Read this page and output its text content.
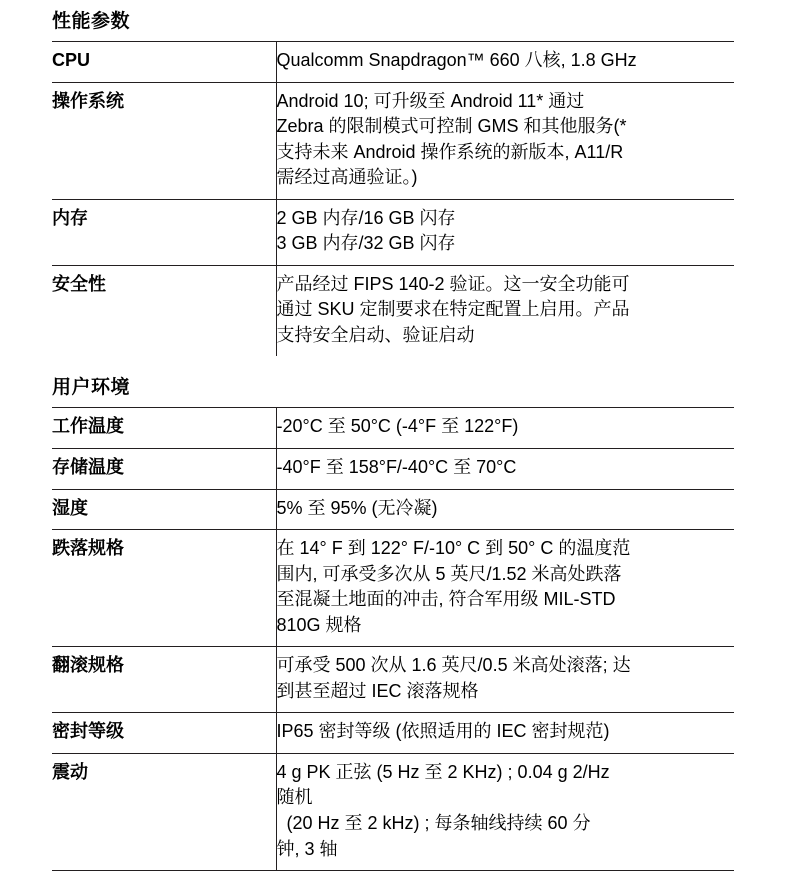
性能参数
CPU	Qualcomm Snapdragon™ 660 八核, 1.8 GHz

操作系统	Android 10; 可升级至 Android 11* 通过
Zebra 的限制模式可控制 GMS 和其他服务(*
支持未来 Android 操作系统的新版本, A11/R
需经过高通验证。)

内存	2 GB 内存/16 GB 闪存
3 GB 内存/32 GB 闪存

安全性	产品经过 FIPS 140-2 验证。这一安全功能可
通过 SKU 定制要求在特定配置上启用。产品
支持安全启动、验证启动
用户环境
工作温度	-20°C 至 50°C (-4°F 至 122°F)

存储温度	-40°F 至 158°F/-40°C 至 70°C

湿度	5% 至 95% (无冷凝)

跌落规格	在 14° F 到 122° F/-10° C 到 50° C 的温度范
围内, 可承受多次从 5 英尺/1.52 米高处跌落
至混凝土地面的冲击, 符合军用级 MIL-STD
810G 规格

翻滚规格	可承受 500 次从 1.6 英尺/0.5 米高处滚落; 达
到甚至超过 IEC 滚落规格

密封等级	IP65 密封等级 (依照适用的 IEC 密封规范)

震动	4 g PK 正弦 (5 Hz 至 2 KHz) ; 0.04 g 2/Hz
随机
(20 Hz 至 2 kHz) ; 每条轴线持续 60 分
钟, 3 轴
